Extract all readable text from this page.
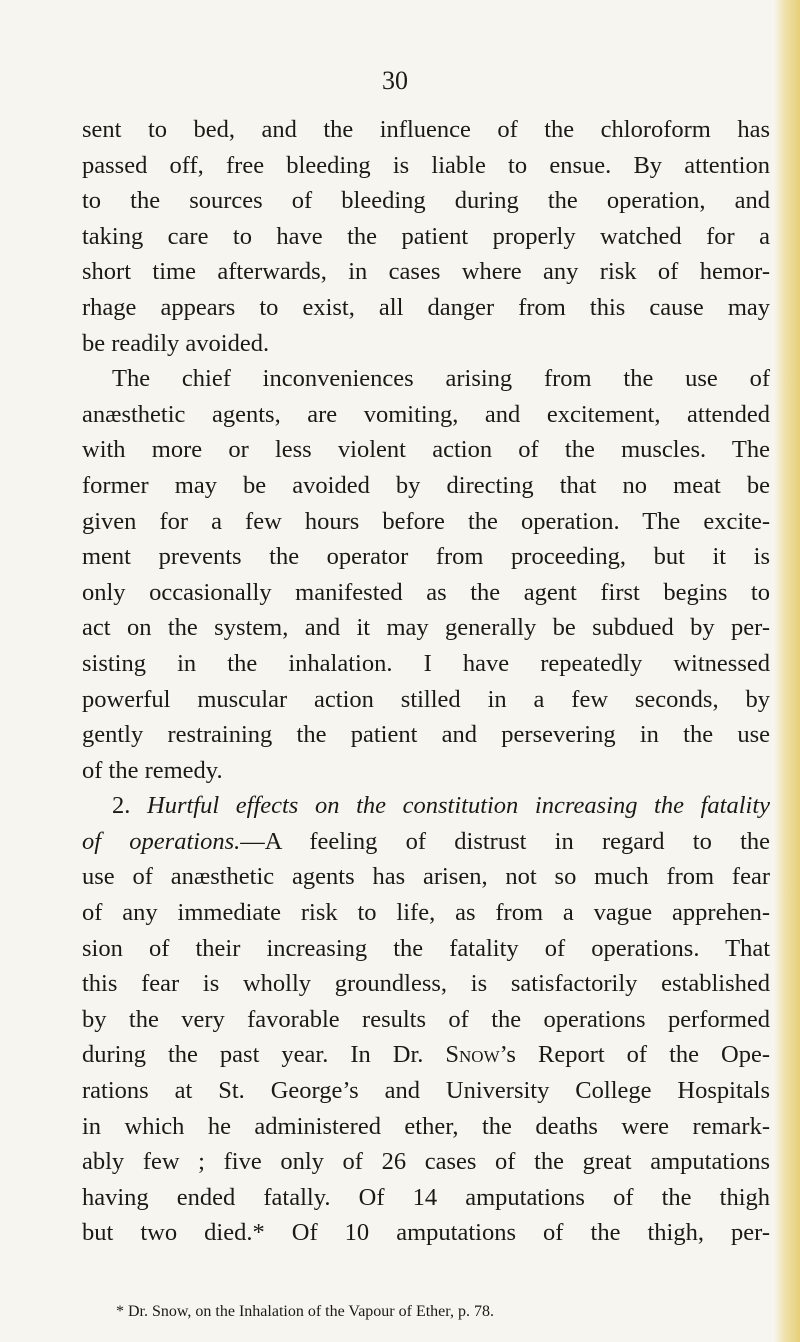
30
sent to bed, and the influence of the chloroform has
passed off, free bleeding is liable to ensue. By attention
to the sources of bleeding during the operation, and
taking care to have the patient properly watched for a
short time afterwards, in cases where any risk of hemor-
rhage appears to exist, all danger from this cause may
be readily avoided.
The chief inconveniences arising from the use of
anæsthetic agents, are vomiting, and excitement, attended
with more or less violent action of the muscles. The
former may be avoided by directing that no meat be
given for a few hours before the operation. The excite-
ment prevents the operator from proceeding, but it is
only occasionally manifested as the agent first begins to
act on the system, and it may generally be subdued by per-
sisting in the inhalation. I have repeatedly witnessed
powerful muscular action stilled in a few seconds, by
gently restraining the patient and persevering in the use
of the remedy.
2. Hurtful effects on the constitution increasing the fatality
of operations.—A feeling of distrust in regard to the
use of anæsthetic agents has arisen, not so much from fear
of any immediate risk to life, as from a vague apprehen-
sion of their increasing the fatality of operations. That
this fear is wholly groundless, is satisfactorily established
by the very favorable results of the operations performed
during the past year. In Dr. Snow’s Report of the Ope-
rations at St. George’s and University College Hospitals
in which he administered ether, the deaths were remark-
ably few ; five only of 26 cases of the great amputations
having ended fatally. Of 14 amputations of the thigh
but two died.* Of 10 amputations of the thigh, per-
* Dr. Snow, on the Inhalation of the Vapour of Ether, p. 78.
